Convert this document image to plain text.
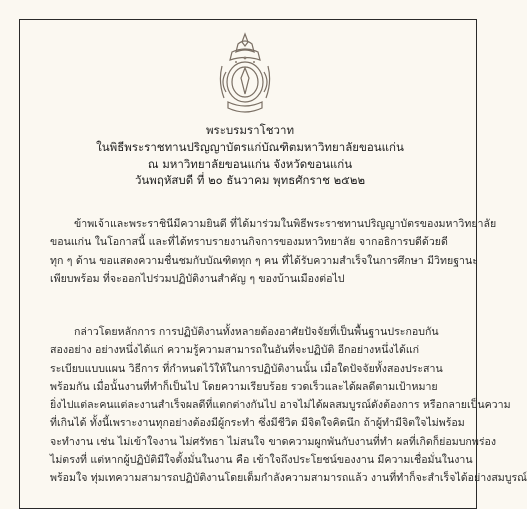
พระบรมราโชวาท
ในพิธีพระราชทานปริญญาบัตรแก่บัณฑิตมหาวิทยาลัยขอนแก่น
ณ มหาวิทยาลัยขอนแก่น จังหวัดขอนแก่น
วันพฤหัสบดี ที่ ๒๐ ธันวาคม พุทธศักราช ๒๕๒๒
ข้าพเจ้าและพระราชินีมีความยินดี ที่ได้มาร่วมในพิธีพระราชทานปริญญาบัตรของมหาวิทยาลัย
ขอนแก่น ในโอกาสนี้ และที่ได้ทราบรายงานกิจการของมหาวิทยาลัย จากอธิการบดีด้วยดี
ทุก ๆ ด้าน ขอแสดงความชื่นชมกับบัณฑิตทุก ๆ คน ที่ได้รับความสำเร็จในการศึกษา มีวิทยฐานะ
เพียบพร้อม ที่จะออกไปร่วมปฏิบัติงานสำคัญ ๆ ของบ้านเมืองต่อไป
กล่าวโดยหลักการ การปฏิบัติงานทั้งหลายต้องอาศัยปัจจัยที่เป็นพื้นฐานประกอบกัน
สองอย่าง อย่างหนึ่งได้แก่ ความรู้ความสามารถในอันที่จะปฏิบัติ อีกอย่างหนึ่งได้แก่
ระเบียบแบบแผน วิธีการ ที่กำหนดไว้ให้ในการปฏิบัติงานนั้น เมื่อใดปัจจัยทั้งสองประสาน
พร้อมกัน เมื่อนั้นงานที่ทำก็เป็นไป โดยความเรียบร้อย รวดเร็วและได้ผลดีตามเป้าหมาย
ยิ่งไปแต่ละคนแต่ละงานสำเร็จผลดีที่แตกต่างกันไป อาจไม่ได้ผลสมบูรณ์ดังต้องการ หรือกลายเป็นความ
ที่เกินได้ ทั้งนี้เพราะงานทุกอย่างต้องมีผู้กระทำ ซึ่งมีชีวิต มีจิตใจคิดนึก ถ้าผู้ทำมีจิตใจไม่พร้อม
จะทำงาน เช่น ไม่เข้าใจงาน ไม่ศรัทธา ไม่สนใจ ขาดความผูกพันกับงานที่ทำ ผลที่เกิดก็ย่อมบกพร่อง
ไม่ตรงที่ แต่หากผู้ปฏิบัติมีใจตั้งมั่นในงาน คือ เข้าใจถึงประโยชน์ของงาน มีความเชื่อมั่นในงาน
พร้อมใจ ทุ่มเทความสามารถปฏิบัติงานโดยเต็มกำลังความสามารถแล้ว งานที่ทำก็จะสำเร็จได้อย่างสมบูรณ์
